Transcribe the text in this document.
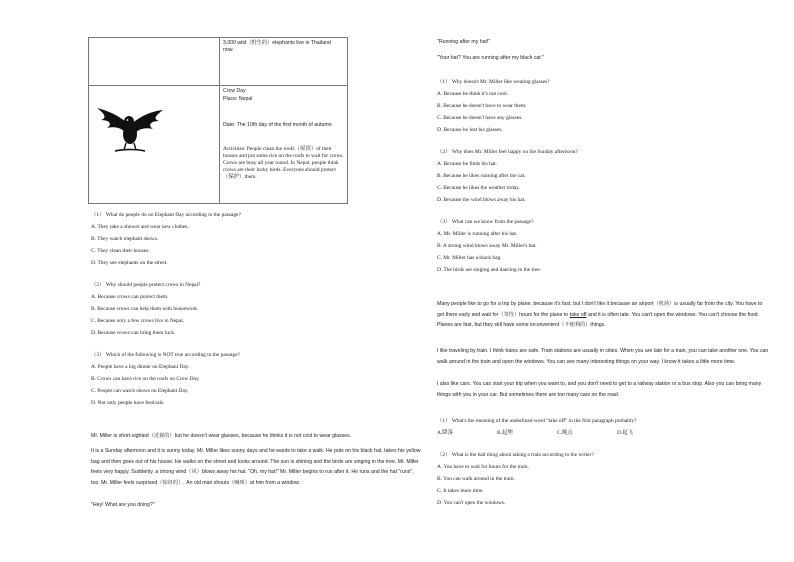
3,000 wild（野生的）elephants live in Thailand now.
Crow Day
Place: Nepal
Date: The 10th day of the first month of autumn
Activities: People clean the roofs（屋顶）of their houses and put some rice on the roofs to wait for crows. Crows are busy all year round. In Nepal, people think crows are their lucky birds. Everyone should protect（保护）them.
（1） What do people do on Elephant Day according to the passage?
A. They take a shower and wear new clothes.
B. They watch elephant shows.
C. They clean their houses.
D. They see elephants on the street.
（2） Why should people protect crows in Nepal?
A. Because crows can protect them.
B. Because crows can help them with housework.
C. Because only a few crows live in Nepal.
D. Because crows can bring them luck.
（3） Which of the following is NOT true according to the passage?
A. People have a big dinner on Elephant Day.
B. Crows can have rice on the roofs on Crow Day.
C. People can watch shows on Elephant Day.
D. Not only people have festivals.
Mr. Miller is short-sighted（近视的）but he doesn't wear glasses, because he thinks it is not cool to wear glasses.
It is a Sunday afternoon and it is sunny today. Mr. Miller likes sunny days and he wants to take a walk. He puts on his black hat, takes his yellow bag and then goes out of his house. He walks on the street and looks around. The sun is shining and the birds are singing in the tree. Mr. Miller feels very happy. Suddenly, a strong wind（风）blows away his hat. "Oh, my hat!" Mr. Miller begins to run after it. He runs and the hat "runs", too. Mr. Miller feels surprised（惊讶的）. An old man shouts（喊叫）at him from a window.
"Hey! What are you doing?"
"Running after my hat!"
"Your hat? You are running after my black cat."
（1） Why doesn't Mr. Miller like wearing glasses?
A. Because he think it's not cool.
B. Because he doesn't have to wear them.
C. Because he doesn't have any glasses.
D. Because he lost his glasses.
（2） Why does Mr. Miller feel happy on the Sunday afternoon?
A. Because he finds his hat.
B. Because he likes running after the cat.
C. Because he likes the weather today.
D. Because the wind blows away his hat.
（3） What can we know from the passage?
A. Mr. Miller is running after his hat.
B. A strong wind blows away Mr. Miller's hat.
C. Mr. Miller has a black bag.
D. The birds are singing and dancing in the tree.
Many people like to go for a trip by plane, because it's fast, but I don't like it because an airport（机场）is usually far from the city. You have to get there early and wait for（等待）hours for the plane to take off and it is often late. You can't open the windows. You can't choose the food. Planes are fast, but they still have some inconvenient（不便利的）things.
I like traveling by train. I think trains are safe. Train stations are usually in cities. When you are late for a train, you can take another one. You can walk around in the train and open the windows. You can see many interesting things on your way. I know it takes a little more time.
I also like cars. You can start your trip when you want to, and you don't need to get to a railway station or a bus stop. Also you can bring many things with you in your car. But sometimes there are too many cars on the road.
（1） What's the meaning of the underlined word "take off" in the first paragraph probably?
A.降落	B.起埋	C.晚点	D.起飞
（2） What is the bad thing about taking a train according to the writer?
A. You have to wait for hours for the train.
B. You can walk around in the train.
C. It takes more time.
D. You can't open the windows.
